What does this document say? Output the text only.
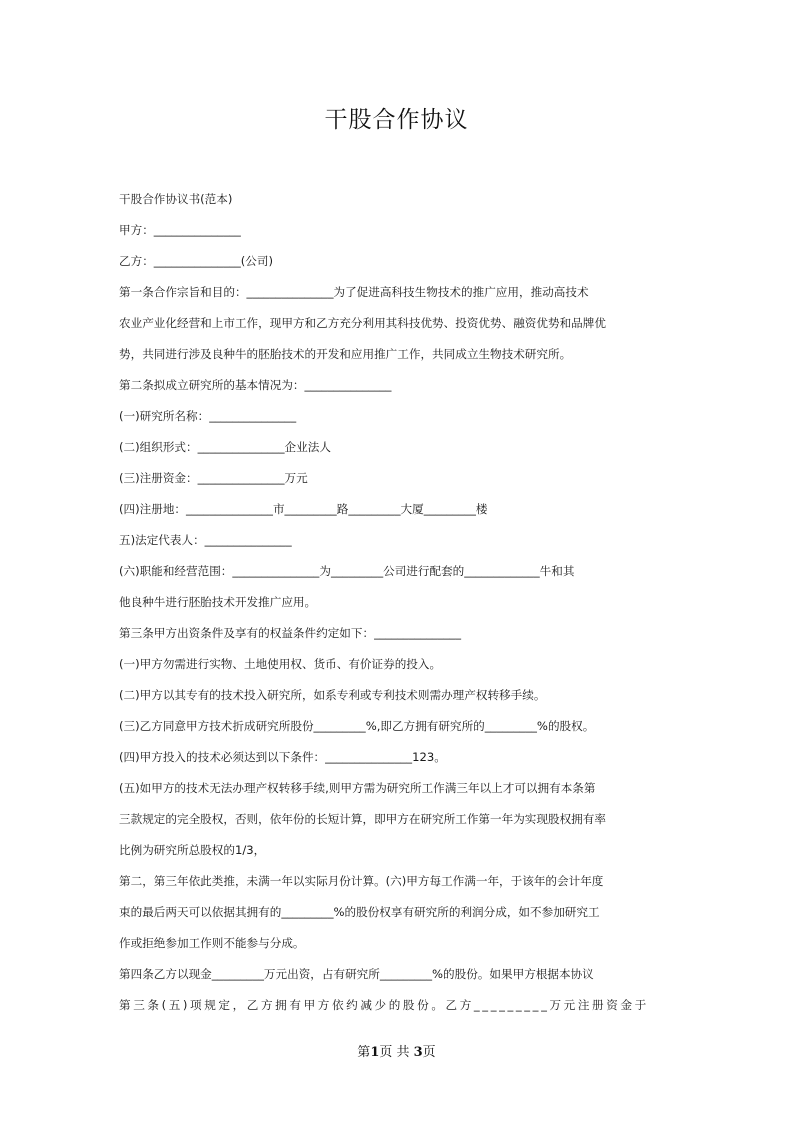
干股合作协议

干股合作协议书(范本)

甲方：_______________

乙方：_______________(公司)

第一条合作宗旨和目的：_______________为了促进高科技生物技术的推广应用，推动高技术

农业产业化经营和上市工作，现甲方和乙方充分利用其科技优势、投资优势、融资优势和品牌优

势，共同进行涉及良种牛的胚胎技术的开发和应用推广工作，共同成立生物技术研究所。

第二条拟成立研究所的基本情况为：_______________

(一)研究所名称：_______________

(二)组织形式：_______________企业法人

(三)注册资金：_______________万元

(四)注册地：_______________市_________路_________大厦_________楼

五)法定代表人：_______________

(六)职能和经营范围：_______________为_________公司进行配套的_____________牛和其

他良种牛进行胚胎技术开发推广应用。

第三条甲方出资条件及享有的权益条件约定如下：_______________

(一)甲方勿需进行实物、土地使用权、货币、有价证券的投入。

(二)甲方以其专有的技术投入研究所，如系专利或专利技术则需办理产权转移手续。

(三)乙方同意甲方技术折成研究所股份_________%,即乙方拥有研究所的_________%的股权。

(四)甲方投入的技术必须达到以下条件：_______________123。

(五)如甲方的技术无法办理产权转移手续,则甲方需为研究所工作满三年以上才可以拥有本条第

三款规定的完全股权，否则，依年份的长短计算，即甲方在研究所工作第一年为实现股权拥有率

比例为研究所总股权的1/3，

第二，第三年依此类推，未满一年以实际月份计算。(六)甲方每工作满一年，于该年的会计年度

束的最后两天可以依据其拥有的_________%的股份权享有研究所的利润分成，如不参加研究工

作或拒绝参加工作则不能参与分成。

第四条乙方以现金_________万元出资，占有研究所_________%的股份。如果甲方根据本协议

第三条(五)项规定，乙方拥有甲方依约减少的股份。乙方_________万元注册资金于

第1页 共 3页
